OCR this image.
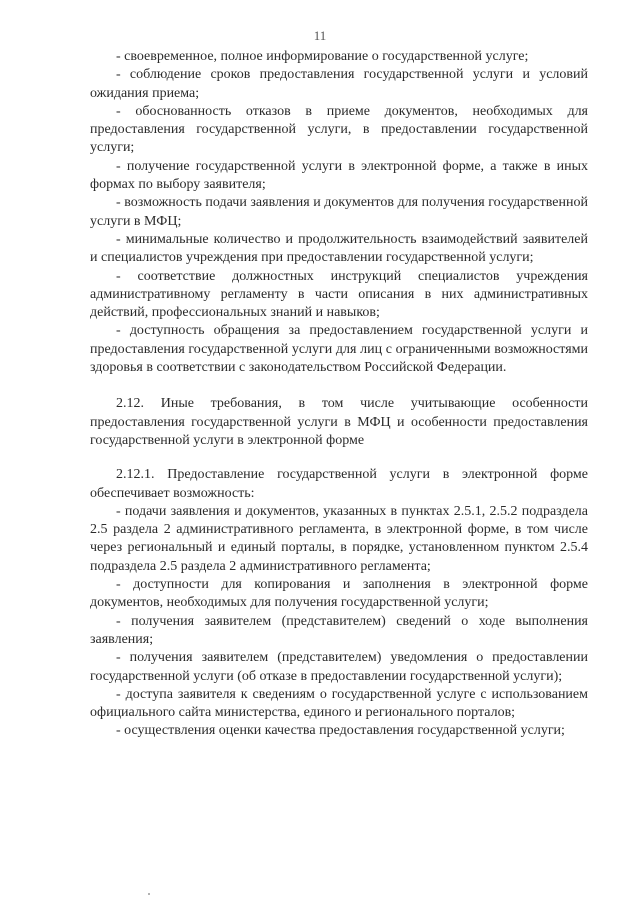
11

- своевременное, полное информирование о государственной услуге;

- соблюдение сроков предоставления государственной услуги и условий ожидания приема;

- обоснованность отказов в приеме документов, необходимых для предоставления государственной услуги, в предоставлении государственной услуги;

- получение государственной услуги в электронной форме, а также в иных формах по выбору заявителя;

- возможность подачи заявления и документов для получения государственной услуги в МФЦ;

- минимальные количество и продолжительность взаимодействий заявителей и специалистов учреждения при предоставлении государственной услуги;

- соответствие должностных инструкций специалистов учреждения административному регламенту в части описания в них административных действий, профессиональных знаний и навыков;

- доступность обращения за предоставлением государственной услуги и предоставления государственной услуги для лиц с ограниченными возможностями здоровья в соответствии с законодательством Российской Федерации.

2.12. Иные требования, в том числе учитывающие особенности предоставления государственной услуги в МФЦ и особенности предоставления государственной услуги в электронной форме

2.12.1. Предоставление государственной услуги в электронной форме обеспечивает возможность:

- подачи заявления и документов, указанных в пунктах 2.5.1, 2.5.2 подраздела 2.5 раздела 2 административного регламента, в электронной форме, в том числе через региональный и единый порталы, в порядке, установленном пунктом 2.5.4 подраздела 2.5 раздела 2 административного регламента;

- доступности для копирования и заполнения в электронной форме документов, необходимых для получения государственной услуги;

- получения заявителем (представителем) сведений о ходе выполнения заявления;

- получения заявителем (представителем) уведомления о предоставлении государственной услуги (об отказе в предоставлении государственной услуги);

- доступа заявителя к сведениям о государственной услуге с использованием официального сайта министерства, единого и регионального порталов;

- осуществления оценки качества предоставления государственной услуги;
